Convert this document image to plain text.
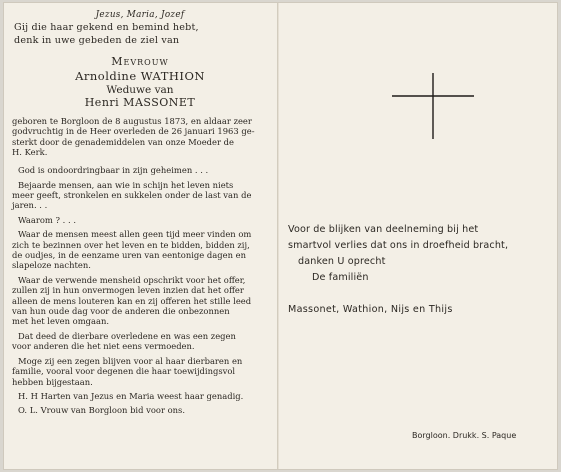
Jezus, Maria, Jozef
Gij die haar gekend en bemind hebt,
denk in uwe gebeden de ziel van
Mevrouw
Arnoldine WATHION
Weduwe van
Henri MASSONET
geboren te Borgloon de 8 augustus 1873, en aldaar zeer
godvruchtig in de Heer overleden de 26 januari 1963 ge-
sterkt door de genademiddelen van onze Moeder de
H. Kerk.

God is ondoordringbaar in zijn geheimen . . .

Bejaarde mensen, aan wie in schijn het leven niets
meer geeft, stronkelen en sukkelen onder de last van de
jaren. . .

Waarom ? . . .

Waar de mensen meest allen geen tijd meer vinden om
zich te bezinnen over het leven en te bidden, bidden zij,
de oudjes, in de eenzame uren van eentonige dagen en
slapeloze nachten.

Waar de verwende mensheid opschrikt voor het offer,
zullen zij in hun onvermogen leven inzien dat het offer
alleen de mens louteren kan en zij offeren het stille leed
van hun oude dag voor de anderen die onbezonnen
met het leven omgaan.

Dat deed de dierbare overledene en was een zegen
voor anderen die het niet eens vermoeden.

Moge zij een zegen blijven voor al haar dierbaren en
familie, vooral voor degenen die haar toewijdingsvol
hebben bijgestaan.

H. H Harten van Jezus en Maria weest haar genadig.

O. L. Vrouw van Borgloon bid voor ons.

Voor de blijken van deelneming bij het
smartvol verlies dat ons in droefheid bracht,
danken U oprecht
De familiën
Massonet, Wathion, Nijs en Thijs
Borgloon. Drukk. S. Paque
